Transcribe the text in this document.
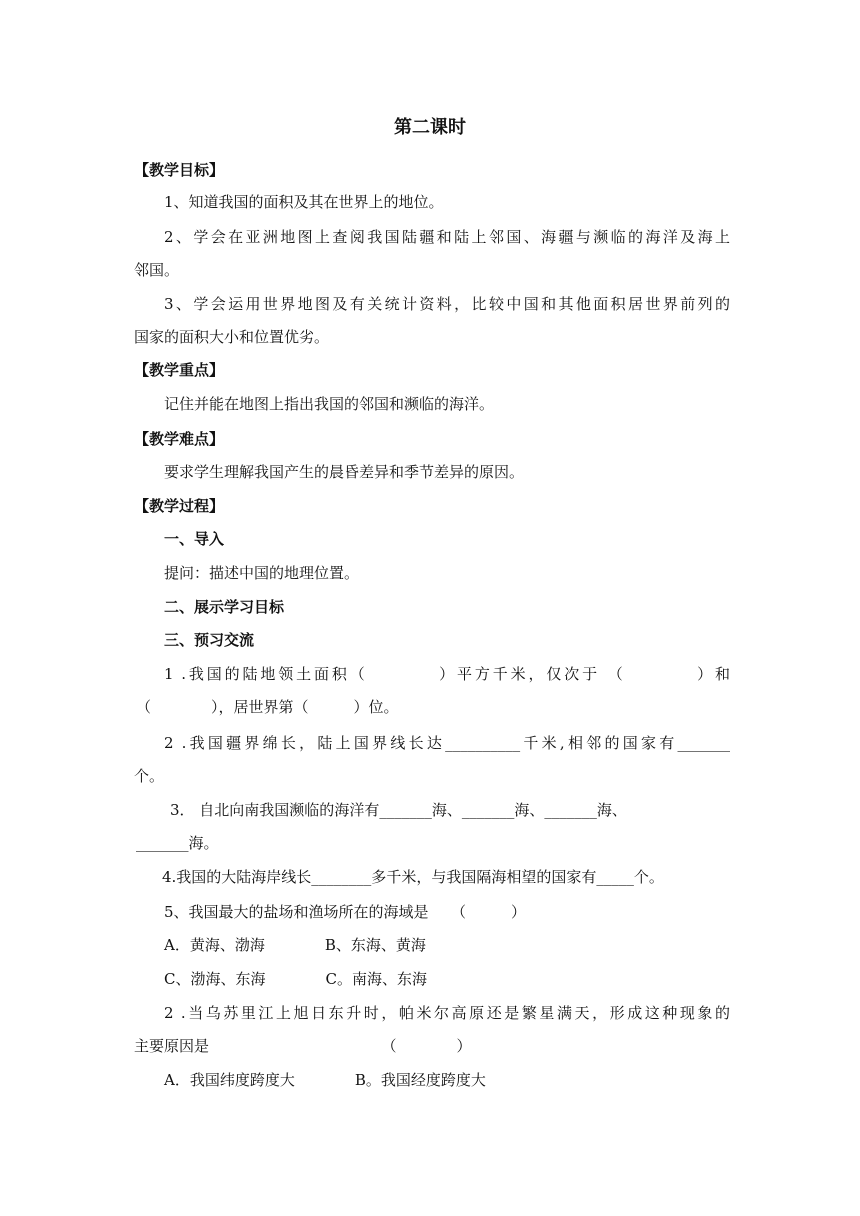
第二课时
【教学目标】
1、知道我国的面积及其在世界上的地位。
2、学会在亚洲地图上查阅我国陆疆和陆上邻国、海疆与濒临的海洋及海上
邻国。
3、学会运用世界地图及有关统计资料，比较中国和其他面积居世界前列的
国家的面积大小和位置优劣。
【教学重点】
记住并能在地图上指出我国的邻国和濒临的海洋。
【教学难点】
要求学生理解我国产生的晨昏差异和季节差异的原因。
【教学过程】
一、导入
提问：描述中国的地理位置。
二、展示学习目标
三、预习交流
1 .我国的陆地领土面积（　　　　）平方千米，仅次于 （　　　　）和
（　　　　），居世界第（　　　）位。
2 .我国疆界绵长，陆上国界线长达__________千米,相邻的国家有_______
个。
3． 自北向南我国濒临的海洋有_______海、_______海、_______海、
_______海。
4.我国的大陆海岸线长________多千米，与我国隔海相望的国家有_____个。
5、我国最大的盐场和渔场所在的海域是　　（　　　）
A．黄海、渤海　　　　B、东海、黄海
C、渤海、东海　　　　C。南海、东海
2 .当乌苏里江上旭日东升时，帕米尔高原还是繁星满天，形成这种现象的
主要原因是　　　　　　　　　　　　（　　　　）
A．我国纬度跨度大　　　　B。我国经度跨度大
